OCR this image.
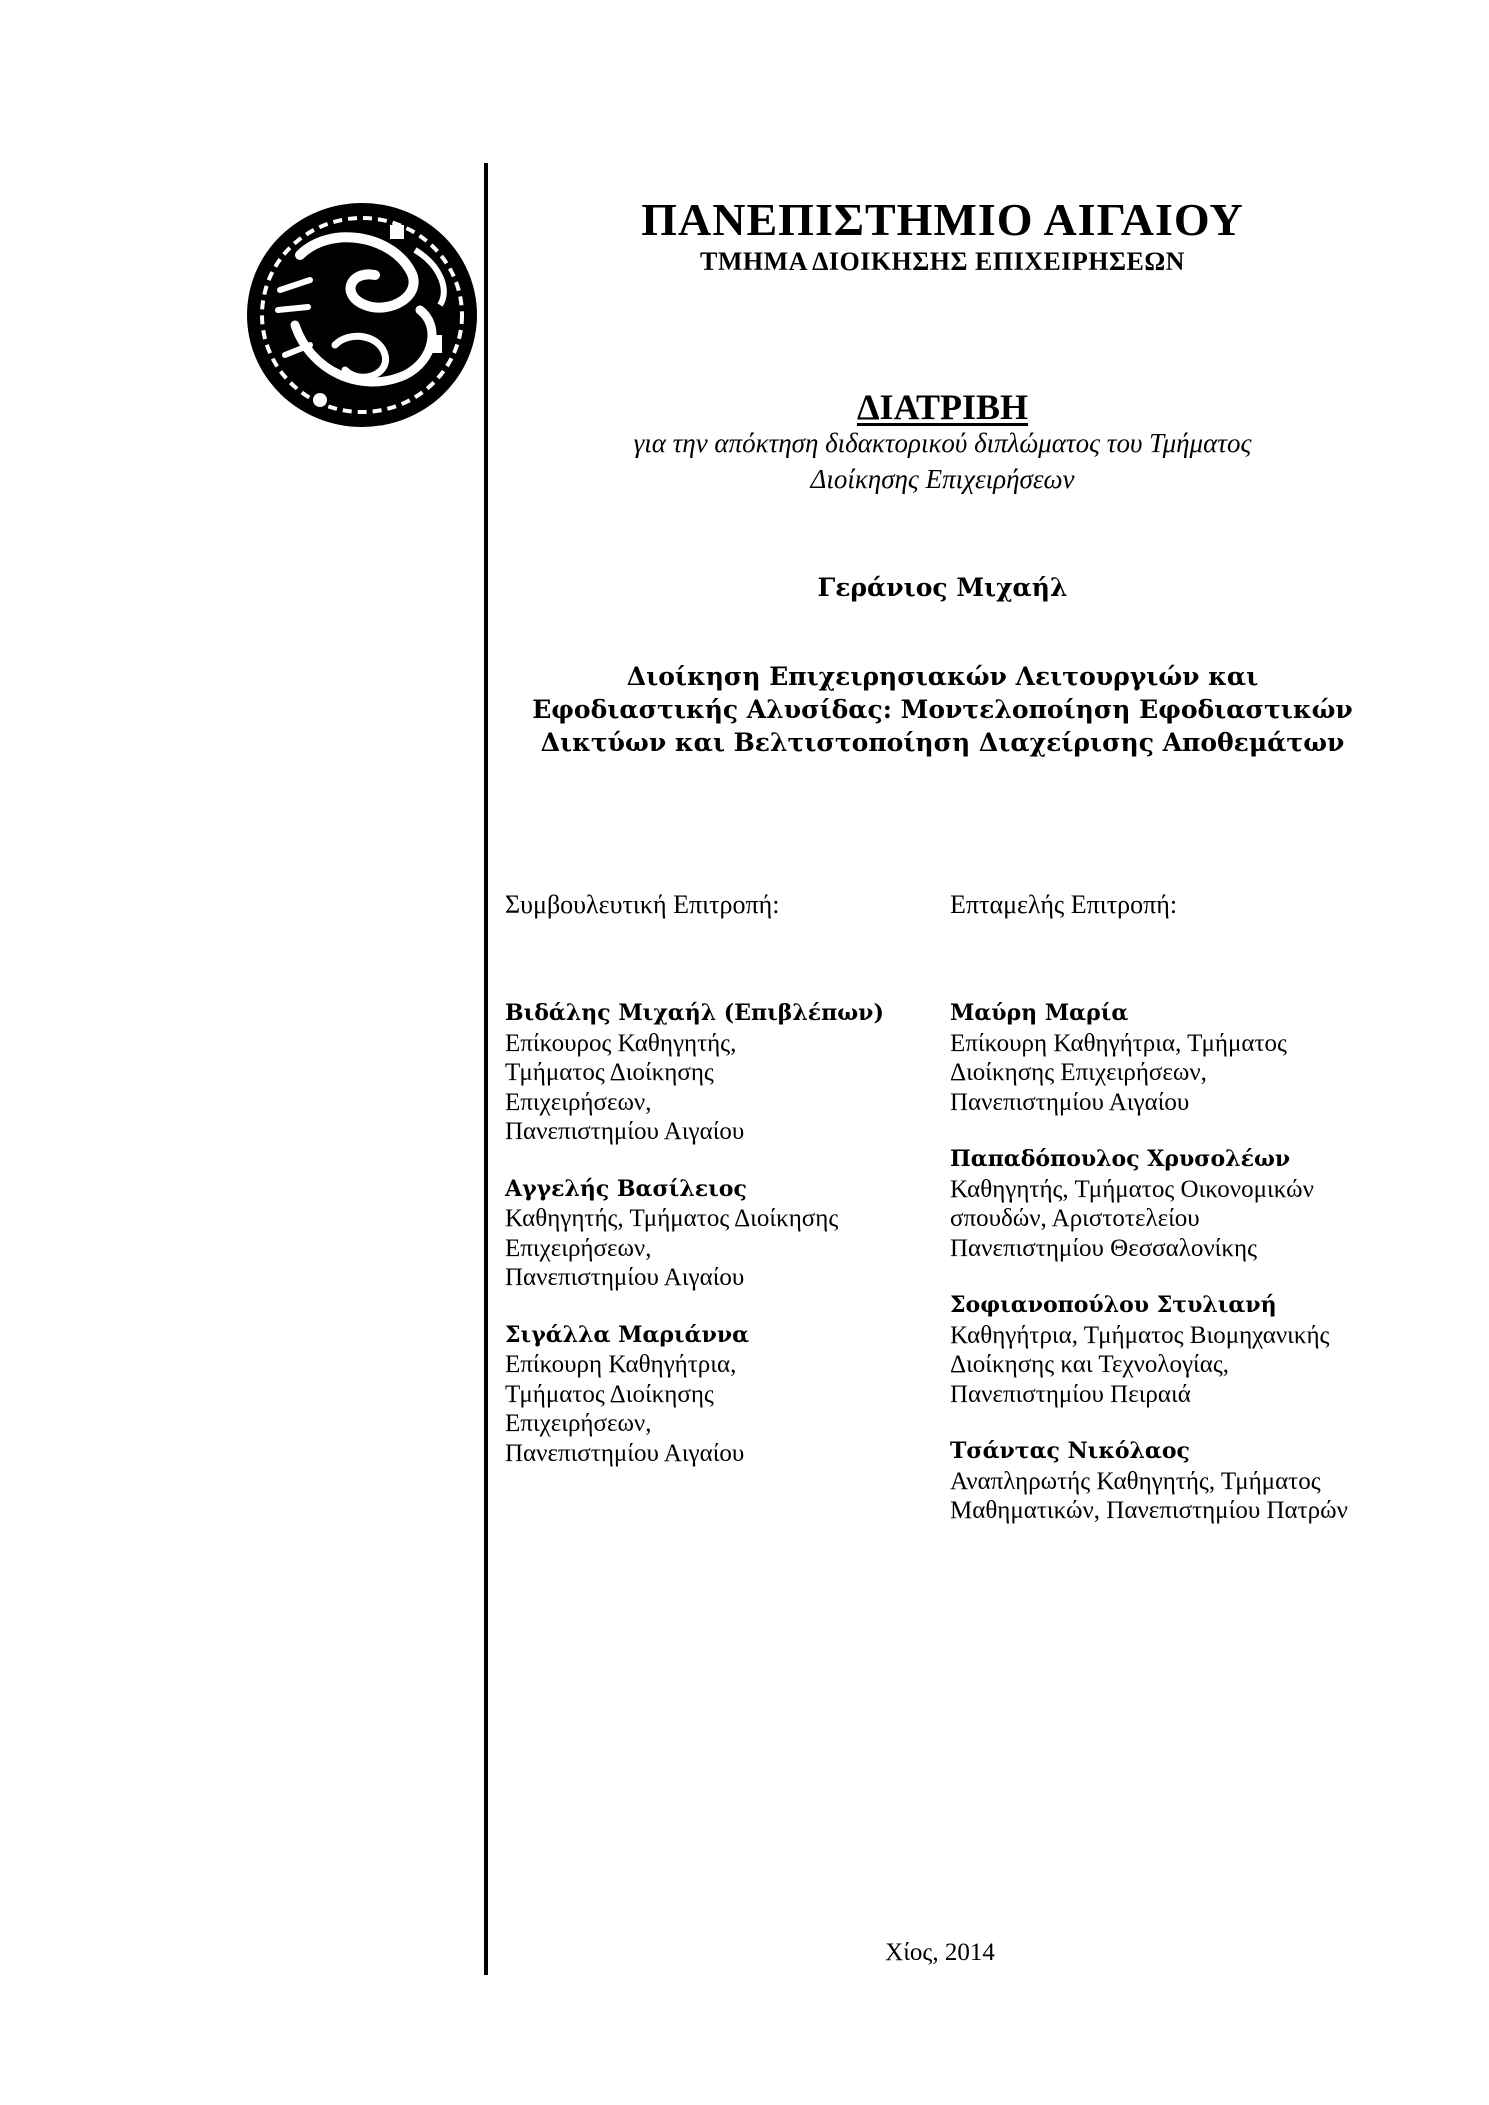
ΠΑΝΕΠΙΣΤΗΜΙΟ ΑΙΓΑΙΟΥ
ΤΜΗΜΑ ΔΙΟΙΚΗΣΗΣ ΕΠΙΧΕΙΡΗΣΕΩΝ
ΔΙΑΤΡΙΒΗ
για την απόκτηση διδακτορικού διπλώματος του Τμήματος
Διοίκησης Επιχειρήσεων
Γεράνιος Μιχαήλ
Διοίκηση Επιχειρησιακών Λειτουργιών και
Εφοδιαστικής Αλυσίδας: Μοντελοποίηση Εφοδιαστικών
Δικτύων και Βελτιστοποίηση Διαχείρισης Αποθεμάτων
Συμβουλευτική Επιτροπή:	Επταμελής Επιτροπή:
Βιδάλης Μιχαήλ (Επιβλέπων)
Επίκουρος Καθηγητής,
Τμήματος Διοίκησης
Επιχειρήσεων,
Πανεπιστημίου Αιγαίου
Αγγελής Βασίλειος
Καθηγητής, Τμήματος Διοίκησης
Επιχειρήσεων,
Πανεπιστημίου Αιγαίου
Σιγάλλα Μαριάννα
Επίκουρη Καθηγήτρια,
Τμήματος Διοίκησης
Επιχειρήσεων,
Πανεπιστημίου Αιγαίου
Μαύρη Μαρία
Επίκουρη Καθηγήτρια, Τμήματος
Διοίκησης Επιχειρήσεων,
Πανεπιστημίου Αιγαίου
Παπαδόπουλος Χρυσολέων
Καθηγητής, Τμήματος Οικονομικών
σπουδών, Αριστοτελείου
Πανεπιστημίου Θεσσαλονίκης
Σοφιανοπούλου Στυλιανή
Καθηγήτρια, Τμήματος Βιομηχανικής
Διοίκησης και Τεχνολογίας,
Πανεπιστημίου Πειραιά
Τσάντας Νικόλαος
Αναπληρωτής Καθηγητής, Τμήματος
Μαθηματικών, Πανεπιστημίου Πατρών
Χίος, 2014
